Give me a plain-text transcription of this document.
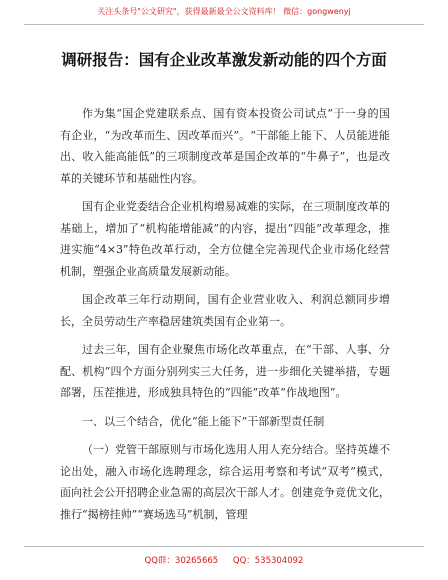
关注头条号"公文研究"，获得最新最全公文资料库！ 微信：gongwenyj
调研报告：国有企业改革激发新动能的四个方面

作为集“国企党建联系点、国有资本投资公司试点”于一身的国有企业，“为改革而生、因改革而兴”。“干部能上能下、人员能进能出、收入能高能低”的三项制度改革是国企改革的“牛鼻子”，也是改革的关键环节和基础性内容。

国有企业党委结合企业机构增易减难的实际，在三项制度改革的基础上，增加了“机构能增能减”的内容，提出“四能”改革理念，推进实施“4×3”特色改革行动，全方位健全完善现代企业市场化经营机制，塑强企业高质量发展新动能。

国企改革三年行动期间，国有企业营业收入、利润总额同步增长，全员劳动生产率稳居建筑类国有企业第一。

过去三年，国有企业聚焦市场化改革重点，在“干部、人事、分配、机构”四个方面分别列实三大任务，进一步细化关键举措，专题部署，压茬推进，形成独具特色的“四能”改革“作战地图”。

一、以三个结合，优化“能上能下”干部新型责任制

（一）党管干部原则与市场化选用人用人充分结合。坚持英雄不论出处，融入市场化选聘理念，综合运用考察和考试“双考”模式，面向社会公开招聘企业急需的高层次干部人才。创建竞争竞优文化，推行“揭榜挂帅”“赛场选马”机制，管理

QQ群：30265665 QQ：535304092
